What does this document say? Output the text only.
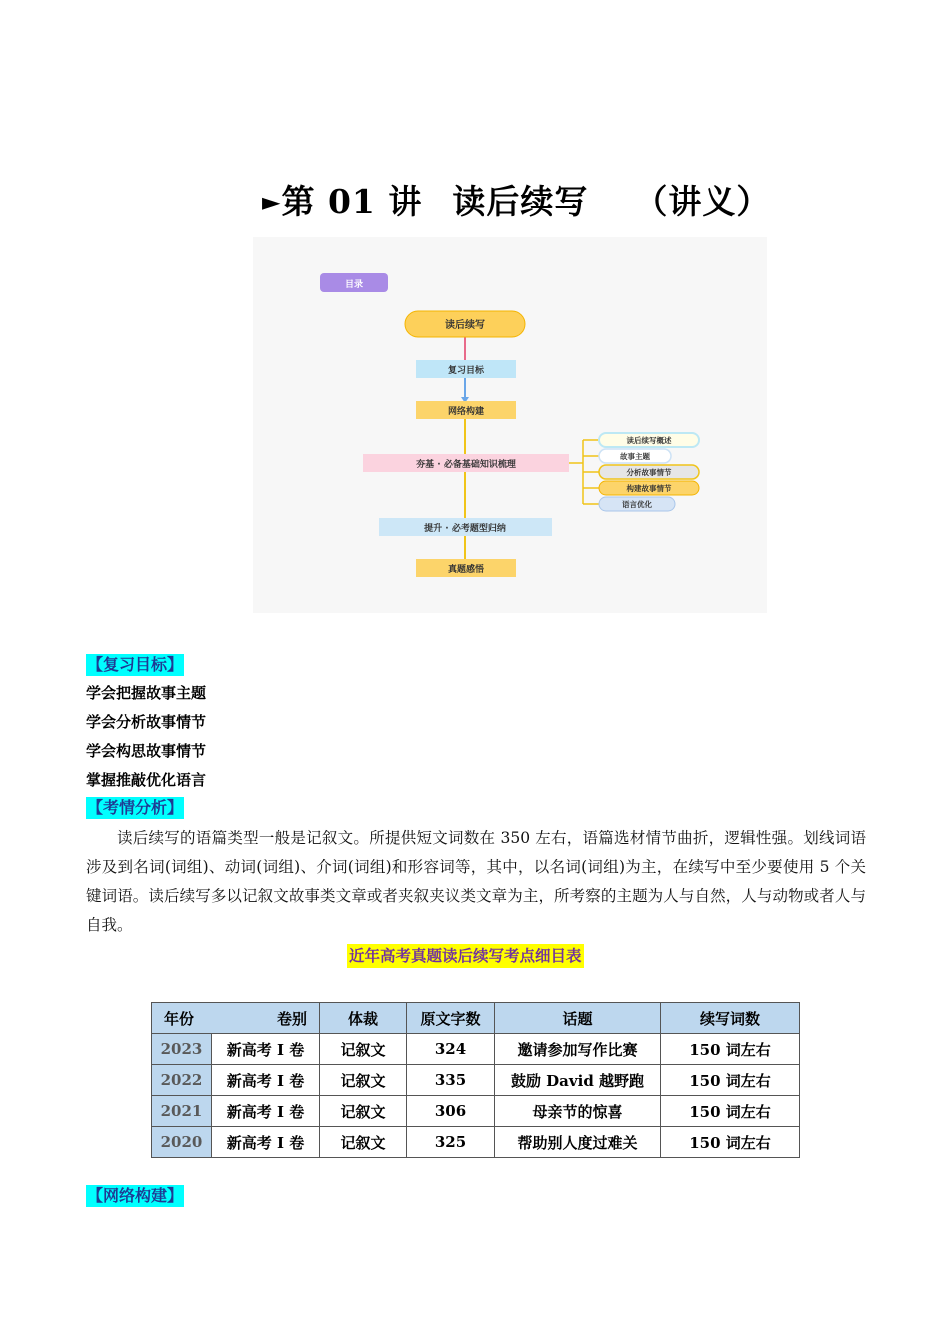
►第 01 讲 读后续写 （讲义）
目录
读后续写
复习目标
网络构建
夯基 · 必备基础知识梳理
提升 · 必考题型归纳
真题感悟
读后续写概述
故事主题
分析故事情节
构建故事情节
语言优化
【复习目标】
学会把握故事主题
学会分析故事情节
学会构思故事情节
掌握推敲优化语言
【考情分析】

读后续写的语篇类型一般是记叙文。所提供短文词数在 350 左右，语篇选材情节曲折，逻辑性强。划线词语涉及到名词(词组)、动词(词组)、介词(词组)和形容词等，其中，以名词(词组)为主，在续写中至少要使用 5 个关键词语。读后续写多以记叙文故事类文章或者夹叙夹议类文章为主，所考察的主题为人与自然，人与动物或者人与自我。

近年高考真题读后续写考点细目表
年份 卷别		体裁	原文字数	话题	续写词数
2023	新高考 I 卷	记叙文	324	邀请参加写作比赛	150 词左右
2022	新高考 I 卷	记叙文	335	鼓励 David 越野跑	150 词左右
2021	新高考 I 卷	记叙文	306	母亲节的惊喜	150 词左右
2020	新高考 I 卷	记叙文	325	帮助别人度过难关	150 词左右
【网络构建】
